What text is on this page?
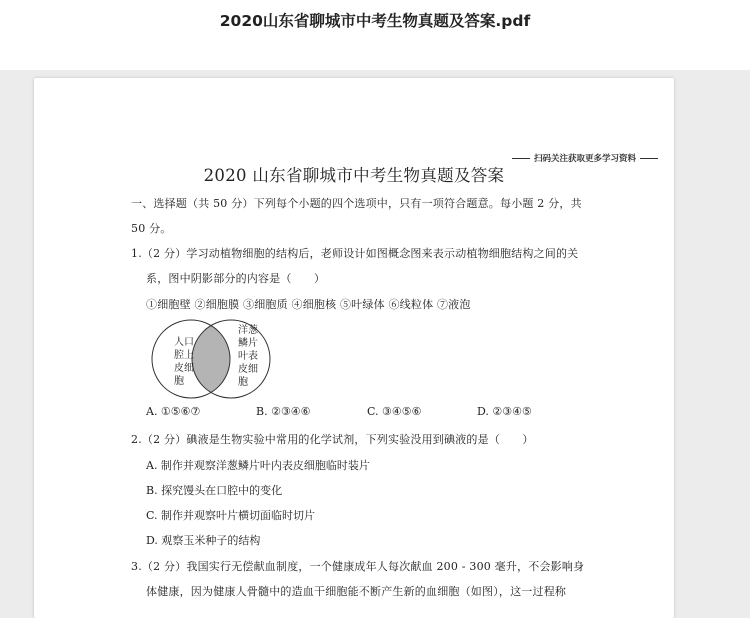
2020山东省聊城市中考生物真题及答案.pdf
扫码关注获取更多学习资料
2020 山东省聊城市中考生物真题及答案
一、选择题（共 50 分）下列每个小题的四个选项中，只有一项符合题意。每小题 2 分，共
50 分。
1.（2 分）学习动植物细胞的结构后，老师设计如图概念图来表示动植物细胞结构之间的关
系，图中阴影部分的内容是（　　）
①细胞壁 ②细胞膜 ③细胞质 ④细胞核 ⑤叶绿体 ⑥线粒体 ⑦液泡
人口
腔上
皮细
胞
洋葱
鳞片
叶表
皮细
胞
A. ①⑤⑥⑦	B. ②③④⑥	C. ③④⑤⑥	D. ②③④⑤
2.（2 分）碘液是生物实验中常用的化学试剂，下列实验没用到碘液的是（　　）
A. 制作并观察洋葱鳞片叶内表皮细胞临时装片
B. 探究馒头在口腔中的变化
C. 制作并观察叶片横切面临时切片
D. 观察玉米种子的结构
3.（2 分）我国实行无偿献血制度，一个健康成年人每次献血 200 - 300 毫升，不会影响身
体健康，因为健康人骨髓中的造血干细胞能不断产生新的血细胞（如图），这一过程称
